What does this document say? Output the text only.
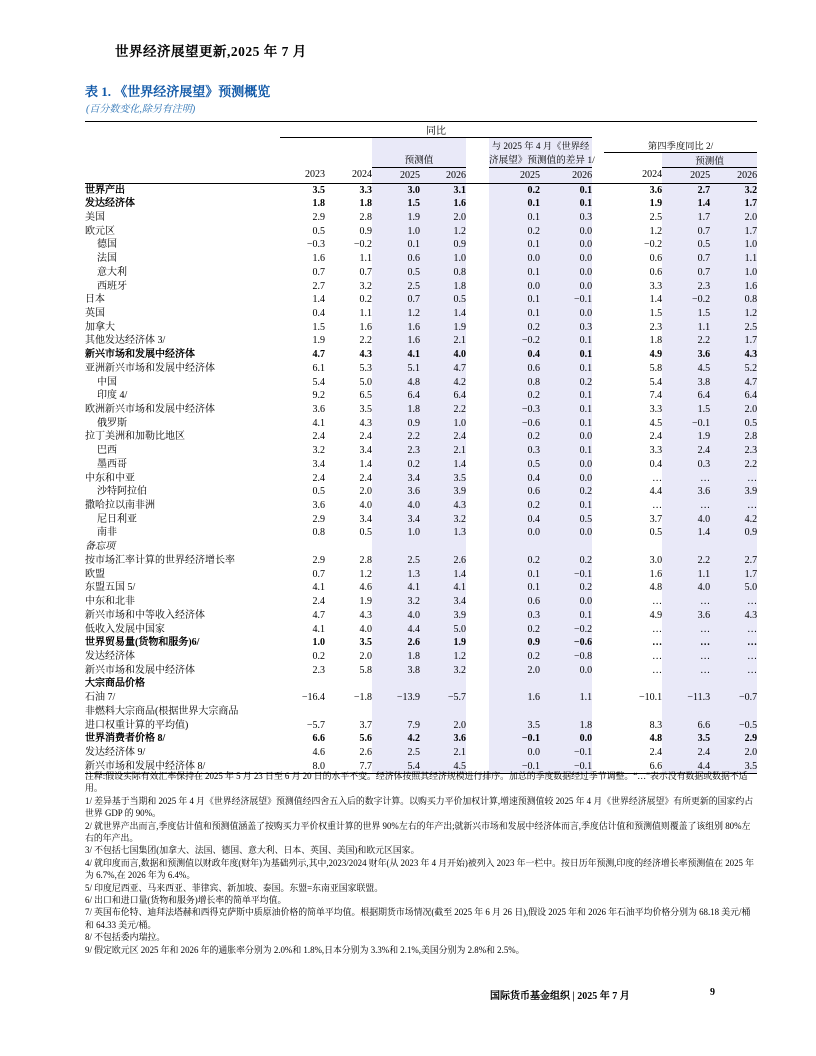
世界经济展望更新,2025 年 7 月
表 1. 《世界经济展望》预测概览
(百分数变化,除另有注明)
	同比										
						与 2025 年 4 月《世界经			第四季度同比 2/		
			预测值			济展望》预测值的差异 1/				预测值	
	2023	2024	2025	2026		2025	2026		2024	2025	2026
世界产出	3.5	3.3	3.0	3.1		0.2	0.1		3.6	2.7	3.2
发达经济体	1.8	1.8	1.5	1.6		0.1	0.1		1.9	1.4	1.7
美国	2.9	2.8	1.9	2.0		0.1	0.3		2.5	1.7	2.0
欧元区	0.5	0.9	1.0	1.2		0.2	0.0		1.2	0.7	1.7
德国	−0.3	−0.2	0.1	0.9		0.1	0.0		−0.2	0.5	1.0
法国	1.6	1.1	0.6	1.0		0.0	0.0		0.6	0.7	1.1
意大利	0.7	0.7	0.5	0.8		0.1	0.0		0.6	0.7	1.0
西班牙	2.7	3.2	2.5	1.8		0.0	0.0		3.3	2.3	1.6
日本	1.4	0.2	0.7	0.5		0.1	−0.1		1.4	−0.2	0.8
英国	0.4	1.1	1.2	1.4		0.1	0.0		1.5	1.5	1.2
加拿大	1.5	1.6	1.6	1.9		0.2	0.3		2.3	1.1	2.5
其他发达经济体 3/	1.9	2.2	1.6	2.1		−0.2	0.1		1.8	2.2	1.7
新兴市场和发展中经济体	4.7	4.3	4.1	4.0		0.4	0.1		4.9	3.6	4.3
亚洲新兴市场和发展中经济体	6.1	5.3	5.1	4.7		0.6	0.1		5.8	4.5	5.2
中国	5.4	5.0	4.8	4.2		0.8	0.2		5.4	3.8	4.7
印度 4/	9.2	6.5	6.4	6.4		0.2	0.1		7.4	6.4	6.4
欧洲新兴市场和发展中经济体	3.6	3.5	1.8	2.2		−0.3	0.1		3.3	1.5	2.0
俄罗斯	4.1	4.3	0.9	1.0		−0.6	0.1		4.5	−0.1	0.5
拉丁美洲和加勒比地区	2.4	2.4	2.2	2.4		0.2	0.0		2.4	1.9	2.8
巴西	3.2	3.4	2.3	2.1		0.3	0.1		3.3	2.4	2.3
墨西哥	3.4	1.4	0.2	1.4		0.5	0.0		0.4	0.3	2.2
中东和中亚	2.4	2.4	3.4	3.5		0.4	0.0		…	…	…
沙特阿拉伯	0.5	2.0	3.6	3.9		0.6	0.2		4.4	3.6	3.9
撒哈拉以南非洲	3.6	4.0	4.0	4.3		0.2	0.1		…	…	…
尼日利亚	2.9	3.4	3.4	3.2		0.4	0.5		3.7	4.0	4.2
南非	0.8	0.5	1.0	1.3		0.0	0.0		0.5	1.4	0.9
备忘项											
按市场汇率计算的世界经济增长率	2.9	2.8	2.5	2.6		0.2	0.2		3.0	2.2	2.7
欧盟	0.7	1.2	1.3	1.4		0.1	−0.1		1.6	1.1	1.7
东盟五国 5/	4.1	4.6	4.1	4.1		0.1	0.2		4.8	4.0	5.0
中东和北非	2.4	1.9	3.2	3.4		0.6	0.0		…	…	…
新兴市场和中等收入经济体	4.7	4.3	4.0	3.9		0.3	0.1		4.9	3.6	4.3
低收入发展中国家	4.1	4.0	4.4	5.0		0.2	−0.2		…	…	…
世界贸易量(货物和服务)6/	1.0	3.5	2.6	1.9		0.9	−0.6		…	…	…
发达经济体	0.2	2.0	1.8	1.2		0.2	−0.8		…	…	…
新兴市场和发展中经济体	2.3	5.8	3.8	3.2		2.0	0.0		…	…	…
大宗商品价格											
石油 7/	−16.4	−1.8	−13.9	−5.7		1.6	1.1		−10.1	−11.3	−0.7
非燃料大宗商品(根据世界大宗商品											
进口权重计算的平均值)	−5.7	3.7	7.9	2.0		3.5	1.8		8.3	6.6	−0.5
世界消费者价格 8/	6.6	5.6	4.2	3.6		−0.1	0.0		4.8	3.5	2.9
发达经济体 9/	4.6	2.6	2.5	2.1		0.0	−0.1		2.4	2.4	2.0
新兴市场和发展中经济体 8/	8.0	7.7	5.4	4.5		−0.1	−0.1		6.6	4.4	3.5

注释:假设实际有效汇率保持在 2025 年 5 月 23 日至 6 月 20 日的水平不变。经济体按照其经济规模进行排序。加总的季度数据经过季节调整。“…”表示没有数据或数据不适用。

1/ 差异基于当期和 2025 年 4 月《世界经济展望》预测值经四舍五入后的数字计算。以购买力平价加权计算,增速预测值较 2025 年 4 月《世界经济展望》有所更新的国家约占世界 GDP 的 90%。

2/ 就世界产出而言,季度估计值和预测值涵盖了按购买力平价权重计算的世界 90%左右的年产出;就新兴市场和发展中经济体而言,季度估计值和预测值则覆盖了该组别 80%左右的年产出。

3/ 不包括七国集团(加拿大、法国、德国、意大利、日本、英国、美国)和欧元区国家。

4/ 就印度而言,数据和预测值以财政年度(财年)为基础列示,其中,2023/2024 财年(从 2023 年 4 月开始)被列入 2023 年一栏中。按日历年预测,印度的经济增长率预测值在 2025 年为 6.7%,在 2026 年为 6.4%。

5/ 印度尼西亚、马来西亚、菲律宾、新加坡、泰国。东盟=东南亚国家联盟。

6/ 出口和进口量(货物和服务)增长率的简单平均值。

7/ 英国布伦特、迪拜法塔赫和西得克萨斯中质原油价格的简单平均值。根据期货市场情况(截至 2025 年 6 月 26 日),假设 2025 年和 2026 年石油平均价格分别为 68.18 美元/桶和 64.33 美元/桶。

8/ 不包括委内瑞拉。

9/ 假定欧元区 2025 年和 2026 年的通胀率分别为 2.0%和 1.8%,日本分别为 3.3%和 2.1%,美国分别为 2.8%和 2.5%。

国际货币基金组织 | 2025 年 7 月	9
